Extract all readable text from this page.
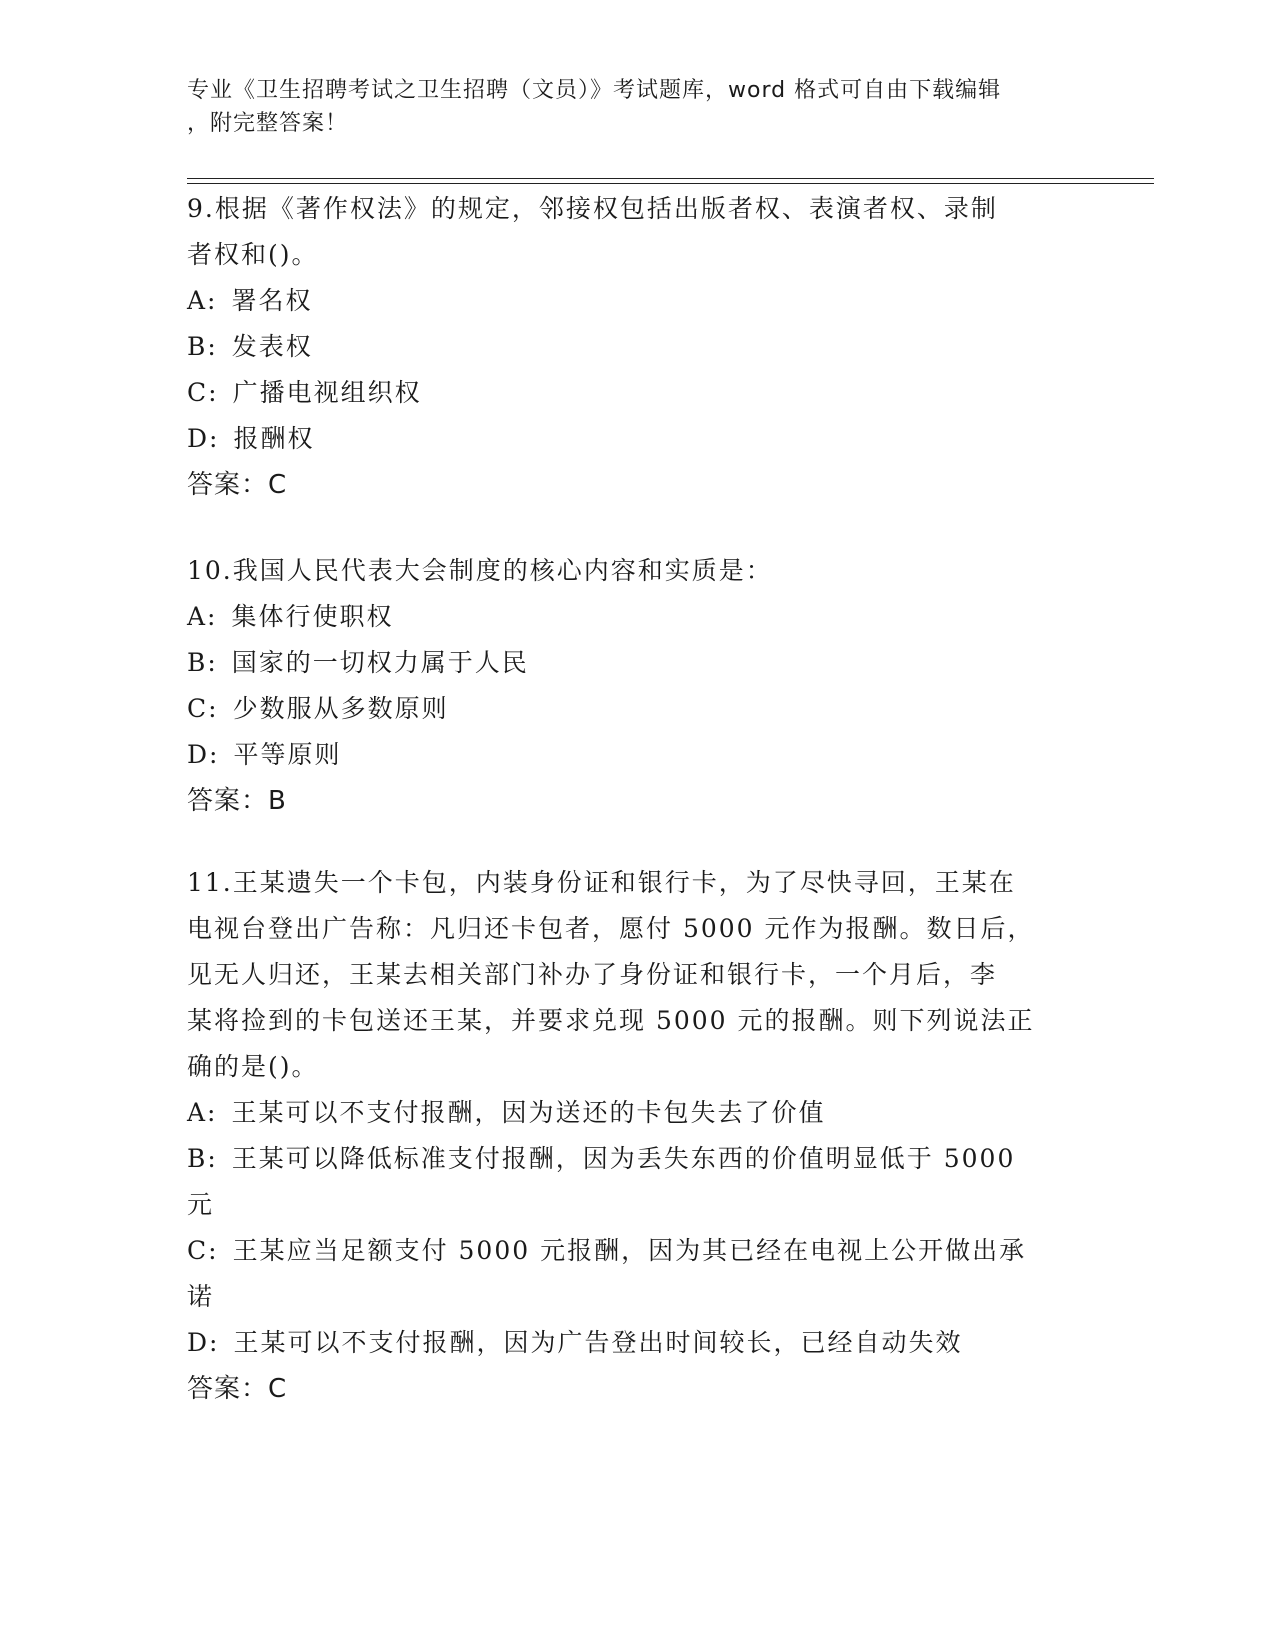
专业《卫生招聘考试之卫生招聘（文员）》考试题库，word 格式可自由下载编辑
，附完整答案！
9.根据《著作权法》的规定，邻接权包括出版者权、表演者权、录制
者权和()。
A: 署名权
B: 发表权
C: 广播电视组织权
D: 报酬权
答案：C
10.我国人民代表大会制度的核心内容和实质是：
A: 集体行使职权
B: 国家的一切权力属于人民
C: 少数服从多数原则
D: 平等原则
答案：B
11.王某遗失一个卡包，内装身份证和银行卡，为了尽快寻回，王某在
电视台登出广告称：凡归还卡包者，愿付 5000 元作为报酬。数日后，
见无人归还，王某去相关部门补办了身份证和银行卡，一个月后，李
某将捡到的卡包送还王某，并要求兑现 5000 元的报酬。则下列说法正
确的是()。
A: 王某可以不支付报酬，因为送还的卡包失去了价值
B: 王某可以降低标准支付报酬，因为丢失东西的价值明显低于 5000
元
C: 王某应当足额支付 5000 元报酬，因为其已经在电视上公开做出承
诺
D: 王某可以不支付报酬，因为广告登出时间较长，已经自动失效
答案：C
